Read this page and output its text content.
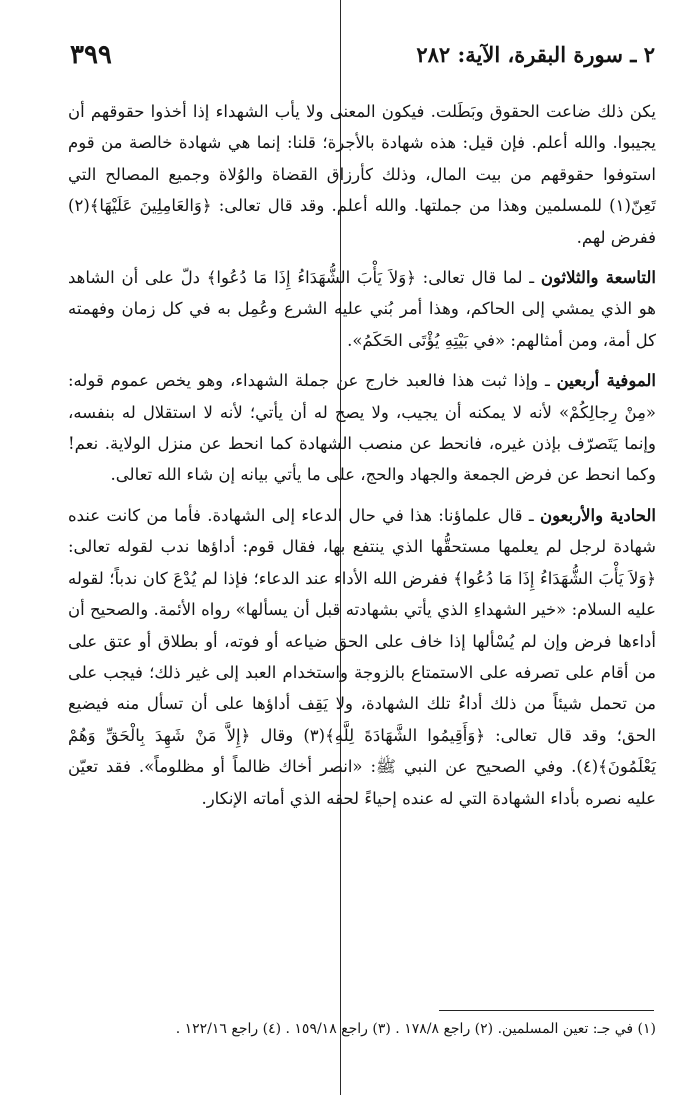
٣٩٩	٢ ـ سورة البقرة، الآية: ٢٨٢

يكن ذلك ضاعت الحقوق وبَطَلت. فيكون المعنى ولا يأب الشهداء إذا أخذوا حقوقهم أن يجيبوا. والله أعلم. فإن قيل: هذه شهادة بالأجرة؛ قلنا: إنما هي شهادة خالصة من قوم استوفوا حقوقهم من بيت المال، وذلك كأرزاق القضاة والوُلاة وجميع المصالح التي تَعِنّ(١) للمسلمين وهذا من جملتها. والله أعلم. وقد قال تعالى: ﴿وَالعَامِلِينَ عَلَيْهَا﴾(٢) ففرض لهم.

التاسعة والثلاثون ـ لما قال تعالى: ﴿وَلاَ يَأْبَ الشُّهَدَاءُ إِذَا مَا دُعُوا﴾ دلّ على أن الشاهد هو الذي يمشي إلى الحاكم، وهذا أمر بُني عليه الشرع وعُمِل به في كل زمان وفهمته كل أمة، ومن أمثالهم: «في بَيْتِهِ يُؤْتَى الحَكَمُ».

الموفية أربعين ـ وإذا ثبت هذا فالعبد خارج عن جملة الشهداء، وهو يخص عموم قوله: «مِنْ رِجالِكُمْ» لأنه لا يمكنه أن يجيب، ولا يصح له أن يأتي؛ لأنه لا استقلال له بنفسه، وإنما يَتَصرّف بإذن غيره، فانحط عن منصب الشهادة كما انحط عن منزل الولاية. نعم! وكما انحط عن فرض الجمعة والجهاد والحج، على ما يأتي بيانه إن شاء الله تعالى.

الحادية والأربعون ـ قال علماؤنا: هذا في حال الدعاء إلى الشهادة. فأما من كانت عنده شهادة لرجل لم يعلمها مستحقُّها الذي ينتفع بها، فقال قوم: أداؤها ندب لقوله تعالى: ﴿وَلاَ يَأْبَ الشُّهَدَاءُ إِذَا مَا دُعُوا﴾ ففرض الله الأداء عند الدعاء؛ فإذا لم يُدْعَ كان ندباً؛ لقوله عليه السلام: «خير الشهداءِ الذي يأتي بشهادته قبل أن يسألها» رواه الأئمة. والصحيح أن أداءها فرض وإن لم يُسْألها إذا خاف على الحق ضياعه أو فوته، أو بطلاق أو عتق على من أقام على تصرفه على الاستمتاع بالزوجة واستخدام العبد إلى غير ذلك؛ فيجب على من تحمل شيئاً من ذلك أداءُ تلك الشهادة، ولا يَقِف أداؤها على أن تسأل منه فيضيع الحق؛ وقد قال تعالى: ﴿وَأَقِيمُوا الشَّهَادَةَ لِلَّهِ﴾(٣) وقال ﴿إِلاَّ مَنْ شَهِدَ بِالْحَقِّ وَهُمْ يَعْلَمُونَ﴾(٤). وفي الصحيح عن النبي ﷺ: «انصر أخاك ظالماً أو مظلوماً». فقد تعيّن عليه نصره بأداء الشهادة التي له عنده إحياءً لحقه الذي أماته الإنكار.

(١) في جـ: تعين المسلمين. (٢) راجع ١٧٨/٨ . (٣) راجع ١٥٩/١٨ . (٤) راجع ١٢٢/١٦ .
